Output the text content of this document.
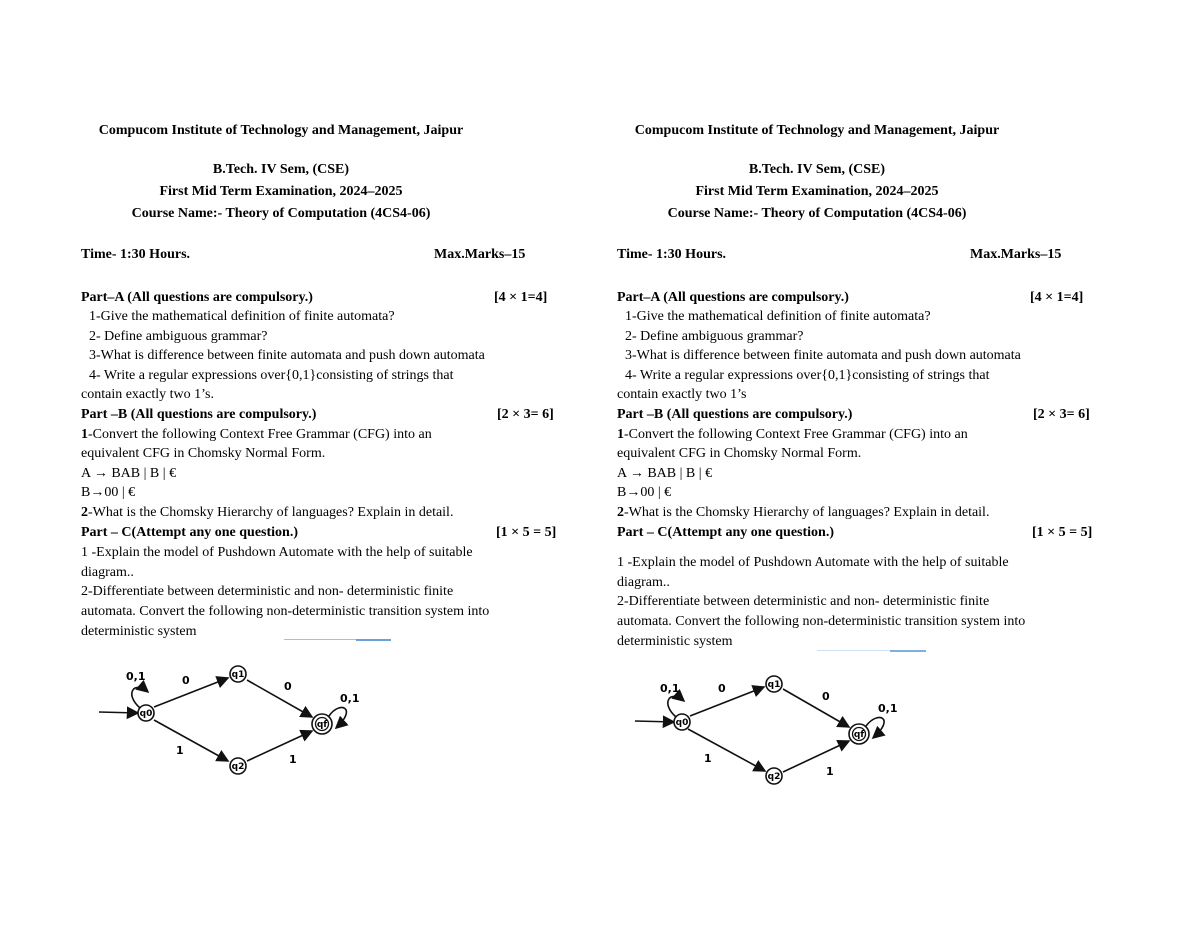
Compucom Institute of Technology and Management, Jaipur
B.Tech. IV Sem, (CSE)
First Mid Term Examination, 2024–2025
Course Name:- Theory of Computation (4CS4-06)
Time- 1:30 Hours.	Max.Marks–15
Part–A (All questions are compulsory.)	[4 × 1=4]
1-Give the mathematical definition of finite automata?
2- Define ambiguous grammar?
3-What is difference between finite automata and push down automata
4- Write a regular expressions over{0,1}consisting of strings that
contain exactly two 1’s.
Part –B (All questions are compulsory.)	[2 × 3= 6]
1-Convert the following Context Free Grammar (CFG) into an
equivalent CFG in Chomsky Normal Form.
A → BAB | B | €
B→00 | €
2-What is the Chomsky Hierarchy of languages? Explain in detail.
Part – C(Attempt any one question.)	[1 × 5 = 5]
1 -Explain the model of Pushdown Automate with the help of suitable
diagram..
2-Differentiate between deterministic and non- deterministic finite
automata. Convert the following non-deterministic transition system into
deterministic system
q0
q1
q2
qf
0,1	0	0
0,1
1
1
Compucom Institute of Technology and Management, Jaipur
B.Tech. IV Sem, (CSE)
First Mid Term Examination, 2024–2025
Course Name:- Theory of Computation (4CS4-06)
Time- 1:30 Hours.	Max.Marks–15
Part–A (All questions are compulsory.)	[4 × 1=4]
1-Give the mathematical definition of finite automata?
2- Define ambiguous grammar?
3-What is difference between finite automata and push down automata
4- Write a regular expressions over{0,1}consisting of strings that
contain exactly two 1’s
Part –B (All questions are compulsory.)	[2 × 3= 6]
1-Convert the following Context Free Grammar (CFG) into an
equivalent CFG in Chomsky Normal Form.
A → BAB | B | €
B→00 | €
2-What is the Chomsky Hierarchy of languages? Explain in detail.
Part – C(Attempt any one question.)	[1 × 5 = 5]
1 -Explain the model of Pushdown Automate with the help of suitable
diagram..
2-Differentiate between deterministic and non- deterministic finite
automata. Convert the following non-deterministic transition system into
deterministic system
q0
q1
q2
qf
0,1	0
0
0,1
1
1
